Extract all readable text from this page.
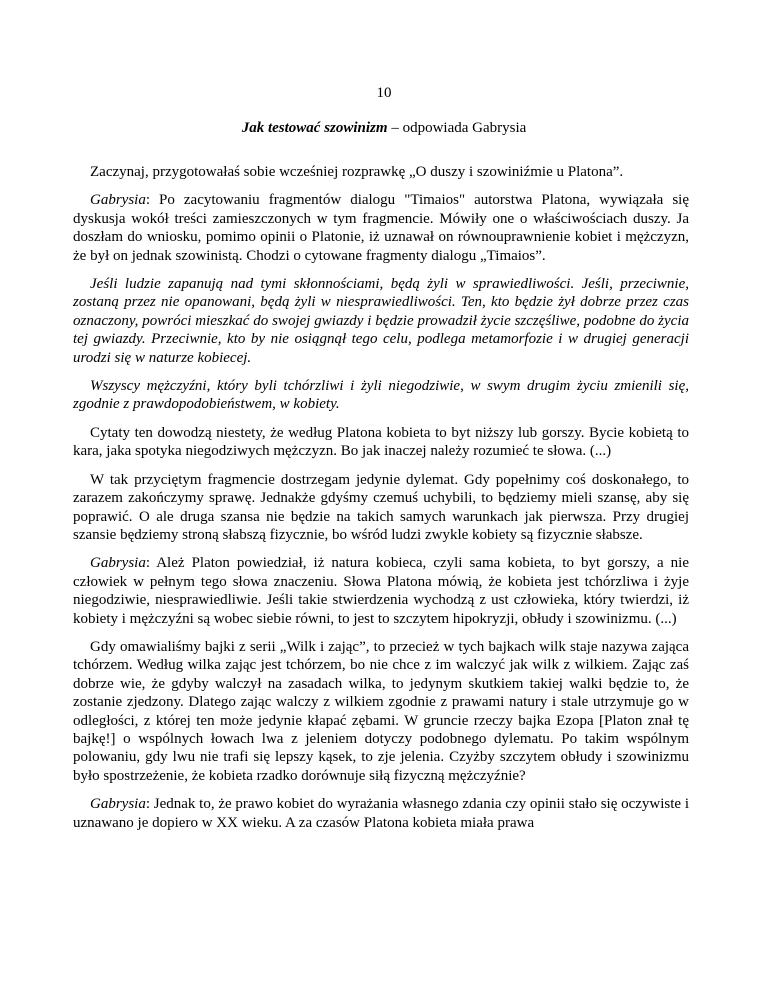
10
Jak testować szowinizm – odpowiada Gabrysia

Zaczynaj, przygotowałaś sobie wcześniej rozprawkę „O duszy i szowiniźmie u Platona”.

Gabrysia: Po zacytowaniu fragmentów dialogu "Timaios" autorstwa Platona, wywiązała się dyskusja wokół treści zamieszczonych w tym fragmencie. Mówiły one o właściwościach duszy. Ja doszłam do wniosku, pomimo opinii o Platonie, iż uznawał on równouprawnienie kobiet i mężczyzn, że był on jednak szowinistą. Chodzi o cytowane fragmenty dialogu „Timaios”.

Jeśli ludzie zapanują nad tymi skłonnościami, będą żyli w sprawiedliwości. Jeśli, przeciwnie, zostaną przez nie opanowani, będą żyli w niesprawiedliwości. Ten, kto będzie żył dobrze przez czas oznaczony, powróci mieszkać do swojej gwiazdy i będzie prowadził życie szczęśliwe, podobne do życia tej gwiazdy. Przeciwnie, kto by nie osiągnął tego celu, podlega metamorfozie i w drugiej generacji urodzi się w naturze kobiecej.

Wszyscy mężczyźni, który byli tchórzliwi i żyli niegodziwie, w swym drugim życiu zmienili się, zgodnie z prawdopodobieństwem, w kobiety.

Cytaty ten dowodzą niestety, że według Platona kobieta to byt niższy lub gorszy. Bycie kobietą to kara, jaka spotyka niegodziwych mężczyzn. Bo jak inaczej należy rozumieć te słowa. (...)

W tak przyciętym fragmencie dostrzegam jedynie dylemat. Gdy popełnimy coś doskonałego, to zarazem zakończymy sprawę. Jednakże gdyśmy czemuś uchybili, to będziemy mieli szansę, aby się poprawić. O ale druga szansa nie będzie na takich samych warunkach jak pierwsza. Przy drugiej szansie będziemy stroną słabszą fizycznie, bo wśród ludzi zwykle kobiety są fizycznie słabsze.

Gabrysia: Ależ Platon powiedział, iż natura kobieca, czyli sama kobieta, to byt gorszy, a nie człowiek w pełnym tego słowa znaczeniu. Słowa Platona mówią, że kobieta jest tchórzliwa i żyje niegodziwie, niesprawiedliwie. Jeśli takie stwierdzenia wychodzą z ust człowieka, który twierdzi, iż kobiety i mężczyźni są wobec siebie równi, to jest to szczytem hipokryzji, obłudy i szowinizmu. (...)

Gdy omawialiśmy bajki z serii „Wilk i zając”, to przecież w tych bajkach wilk staje nazywa zająca tchórzem. Według wilka zając jest tchórzem, bo nie chce z im walczyć jak wilk z wilkiem. Zając zaś dobrze wie, że gdyby walczył na zasadach wilka, to jedynym skutkiem takiej walki będzie to, że zostanie zjedzony. Dlatego zając walczy z wilkiem zgodnie z prawami natury i stale utrzymuje go w odległości, z której ten może jedynie kłapać zębami. W gruncie rzeczy bajka Ezopa [Platon znał tę bajkę!] o wspólnych łowach lwa z jeleniem dotyczy podobnego dylematu. Po takim wspólnym polowaniu, gdy lwu nie trafi się lepszy kąsek, to zje jelenia. Czyżby szczytem obłudy i szowinizmu było spostrzeżenie, że kobieta rzadko dorównuje siłą fizyczną mężczyźnie?

Gabrysia: Jednak to, że prawo kobiet do wyrażania własnego zdania czy opinii stało się oczywiste i uznawano je dopiero w XX wieku. A za czasów Platona kobieta miała prawa
